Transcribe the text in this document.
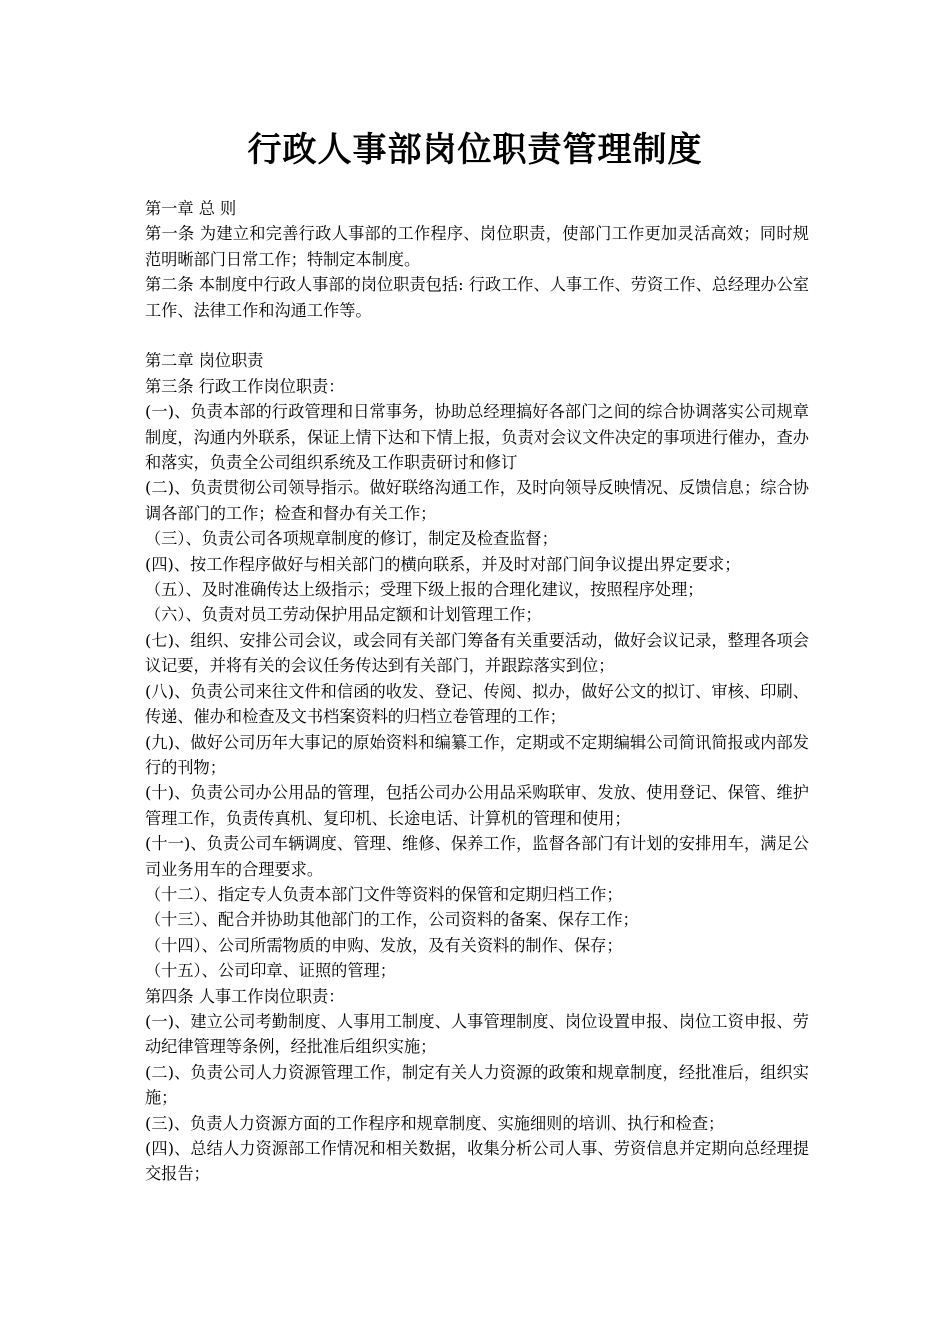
行政人事部岗位职责管理制度

第一章 总 则

第一条 为建立和完善行政人事部的工作程序、岗位职责，使部门工作更加灵活高效；同时规范明晰部门日常工作；特制定本制度。

第二条 本制度中行政人事部的岗位职责包括: 行政工作、人事工作、劳资工作、总经理办公室工作、法律工作和沟通工作等。

第二章 岗位职责

第三条 行政工作岗位职责：

(一)、负责本部的行政管理和日常事务，协助总经理搞好各部门之间的综合协调落实公司规章制度，沟通内外联系，保证上情下达和下情上报，负责对会议文件决定的事项进行催办，查办和落实，负责全公司组织系统及工作职责研讨和修订

(二)、负责贯彻公司领导指示。做好联络沟通工作，及时向领导反映情况、反馈信息；综合协调各部门的工作；检查和督办有关工作；

（三）、负责公司各项规章制度的修订，制定及检查监督；

(四)、按工作程序做好与相关部门的横向联系，并及时对部门间争议提出界定要求；

（五）、及时准确传达上级指示；受理下级上报的合理化建议，按照程序处理；

（六）、负责对员工劳动保护用品定额和计划管理工作；

(七)、组织、安排公司会议，或会同有关部门筹备有关重要活动，做好会议记录，整理各项会议记要，并将有关的会议任务传达到有关部门，并跟踪落实到位；

(八)、负责公司来往文件和信函的收发、登记、传阅、拟办，做好公文的拟订、审核、印刷、传递、催办和检查及文书档案资料的归档立卷管理的工作；

(九)、做好公司历年大事记的原始资料和编纂工作，定期或不定期编辑公司简讯简报或内部发行的刊物；

(十)、负责公司办公用品的管理，包括公司办公用品采购联审、发放、使用登记、保管、维护管理工作，负责传真机、复印机、长途电话、计算机的管理和使用；

(十一)、负责公司车辆调度、管理、维修、保养工作，监督各部门有计划的安排用车，满足公司业务用车的合理要求。

（十二）、指定专人负责本部门文件等资料的保管和定期归档工作；

（十三）、配合并协助其他部门的工作，公司资料的备案、保存工作；

（十四）、公司所需物质的申购、发放，及有关资料的制作、保存；

（十五）、公司印章、证照的管理；

第四条 人事工作岗位职责：

(一)、建立公司考勤制度、人事用工制度、人事管理制度、岗位设置申报、岗位工资申报、劳动纪律管理等条例，经批准后组织实施；

(二)、负责公司人力资源管理工作，制定有关人力资源的政策和规章制度，经批准后，组织实施；

(三)、负责人力资源方面的工作程序和规章制度、实施细则的培训、执行和检查；

(四)、总结人力资源部工作情况和相关数据，收集分析公司人事、劳资信息并定期向总经理提交报告；
